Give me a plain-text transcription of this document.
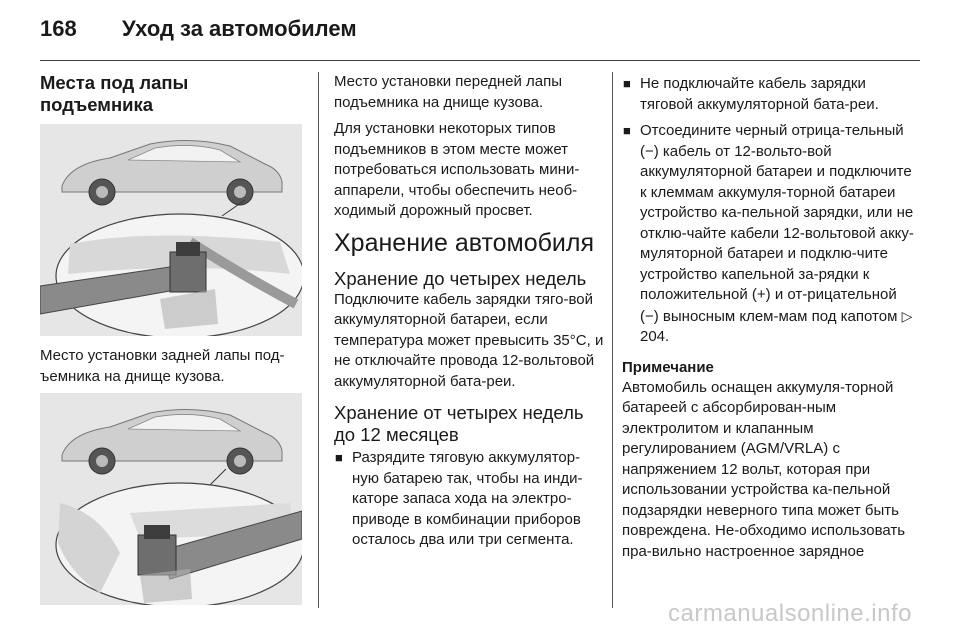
168 Уход за автомобилем
Места под лапы подъемника

Место установки задней лапы под-ъемника на днище кузова.

Место установки передней лапы подъемника на днище кузова.

Для установки некоторых типов подъемников в этом месте может потребоваться использовать мини-аппарели, чтобы обеспечить необ-ходимый дорожный просвет.

Хранение автомобиля
Хранение до четырех недель

Подключите кабель зарядки тяго-вой аккумуляторной батареи, если температура может превысить 35°C, и не отключайте провода 12-вольтовой аккумуляторной бата-реи.

Хранение от четырех недель до 12 месяцев
■ Разрядите тяговую аккумулятор-ную батарею так, чтобы на инди-каторе запаса хода на электро-приводе в комбинации приборов осталось два или три сегмента.
■ Не подключайте кабель зарядки тяговой аккумуляторной бата-реи.
■ Отсоедините черный отрица-тельный (−) кабель от 12-вольто-вой аккумуляторной батареи и подключите к клеммам аккумуля-торной батареи устройство ка-пельной зарядки, или не отклю-чайте кабели 12-вольтовой акку-муляторной батареи и подклю-чите устройство капельной за-рядки к положительной (+) и от-рицательной (−) выносным клем-мам под капотом ▷ 204.
Примечание

Автомобиль оснащен аккумуля-торной батареей с абсорбирован-ным электролитом и клапанным регулированием (AGM/VRLA) с напряжением 12 вольт, которая при использовании устройства ка-пельной подзарядки неверного типа может быть повреждена. Не-обходимо использовать пра-вильно настроенное зарядное

carmanualsonline.info
